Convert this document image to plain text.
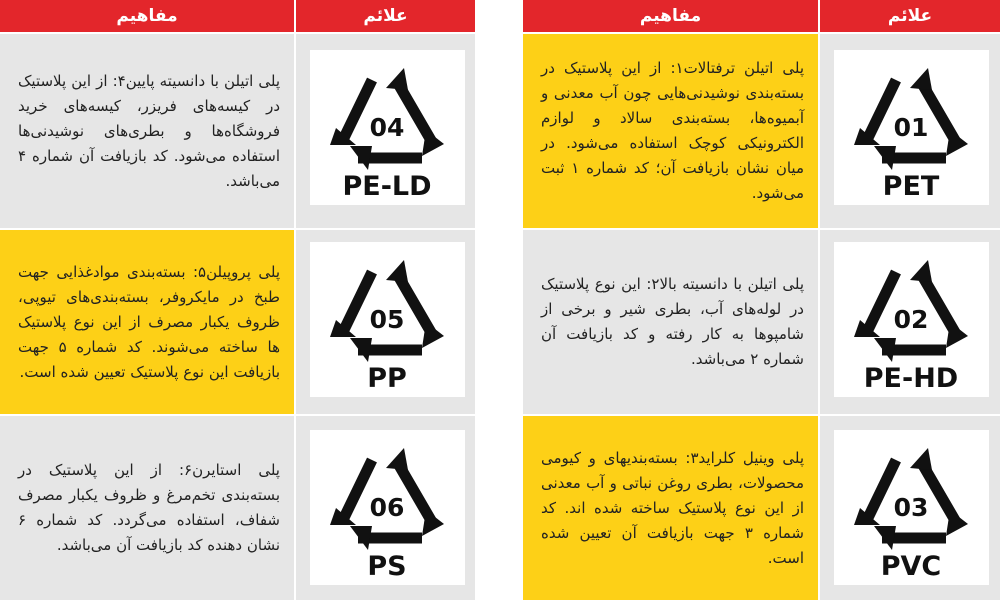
مفاهیم	علائم
پلی اتیلن با دانسیته پایین۴: از این پلاستیک در کیسه‌های فریزر، کیسه‌های خرید فروشگاه‌ها و بطری‌های نوشیدنی‌ها استفاده می‌شود. کد بازیافت آن شماره ۴ می‌باشد.
04
PE-LD
پلی پروپیلن۵: بسته‌بندی موادغذایی جهت طبخ در مایکروفر، بسته‌بندی‌های تیوپی، ظروف یکبار مصرف از این نوع پلاستیک ها ساخته می‌شوند. کد شماره ۵ جهت بازیافت این نوع پلاستیک تعیین شده است.
05
PP
پلی استایرن۶: از این پلاستیک در بسته‌بندی تخم‌مرغ و ظروف یکبار مصرف شفاف، استفاده می‌گردد. کد شماره ۶ نشان دهنده کد بازیافت آن می‌باشد.
06
PS
مفاهیم	علائم
پلی اتیلن ترفتالات۱: از این پلاستیک در بسته‌بندی نوشیدنی‌هایی چون آب معدنی و آبمیوه‌ها، بسته‌بندی سالاد و لوازم الکترونیکی کوچک استفاده می‌شود. در میان نشان بازیافت آن؛ کد شماره ۱ ثبت می‌شود.
01
PET
پلی اتیلن با دانسیته بالا۲: این نوع پلاستیک در لوله‌های آب، بطری شیر و برخی از شامپوها به کار رفته و کد بازیافت آن شماره ۲ می‌باشد.
02
PE-HD
پلی وینیل کلراید۳: بسته‌بندیهای و کیومی محصولات، بطری روغن نباتی و آب معدنی از این نوع پلاستیک ساخته شده اند. کد شماره ۳ جهت بازیافت آن تعیین شده است.
03
PVC
